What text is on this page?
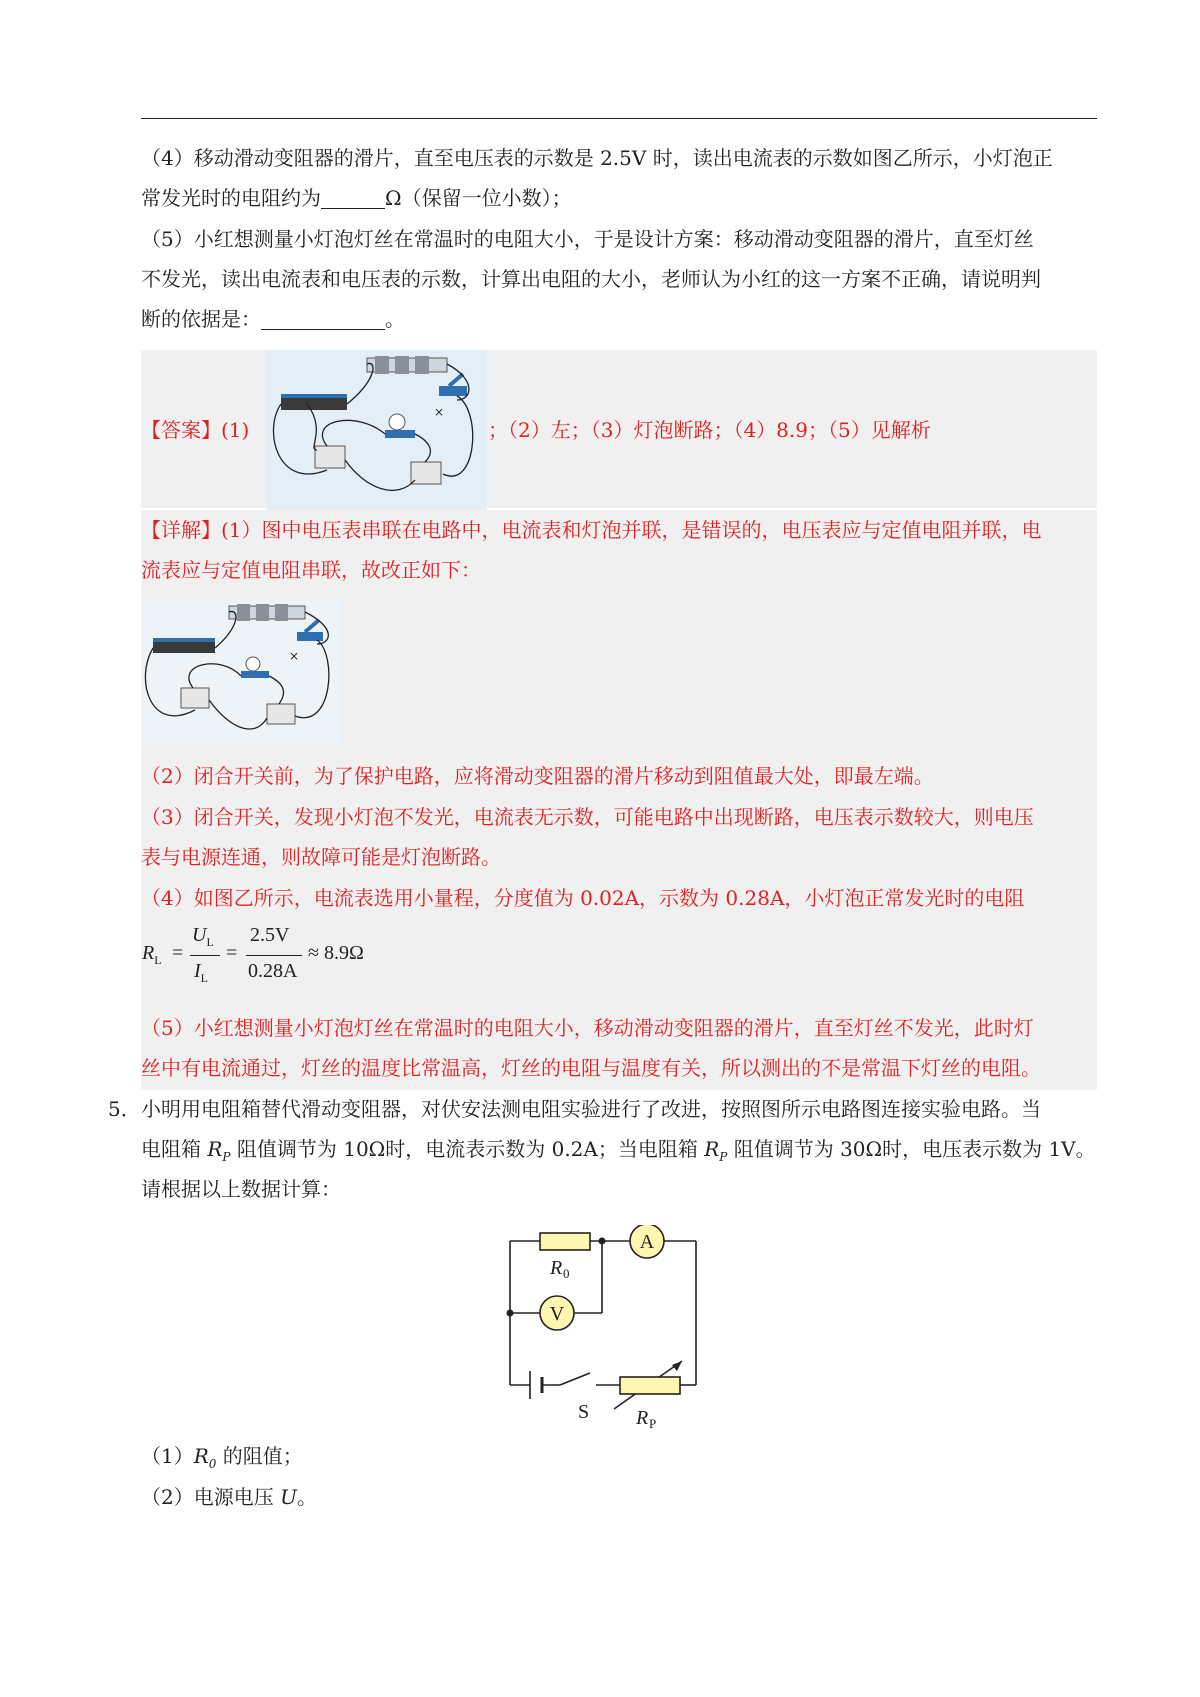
（4）移动滑动变阻器的滑片，直至电压表的示数是 2.5V 时，读出电流表的示数如图乙所示，小灯泡正

常发光时的电阻约为	Ω（保留一位小数）；

（5）小红想测量小灯泡灯丝在常温时的电阻大小，于是设计方案：移动滑动变阻器的滑片，直至灯丝

不发光，读出电流表和电压表的示数，计算出电阻的大小，老师认为小红的这一方案不正确，请说明判

断的依据是：	。

【答案】(1)	；（2）左；（3）灯泡断路；（4）8.9；（5）见解析

×

【详解】(1）图中电压表串联在电路中，电流表和灯泡并联，是错误的，电压表应与定值电阻并联，电

流表应与定值电阻串联，故改正如下：

×

（2）闭合开关前，为了保护电路，应将滑动变阻器的滑片移动到阻值最大处，即最左端。

（3）闭合开关，发现小灯泡不发光，电流表无示数，可能电路中出现断路，电压表示数较大，则电压

表与电源连通，则故障可能是灯泡断路。

（4）如图乙所示，电流表选用小量程，分度值为 0.02A，示数为 0.28A，小灯泡正常发光时的电阻

$R_L$ =
$U_L$
$I_L$
=
2.5V
0.28A
≈ 8.9Ω

（5）小红想测量小灯泡灯丝在常温时的电阻大小，移动滑动变阻器的滑片，直至灯丝不发光，此时灯

丝中有电流通过，灯丝的温度比常温高，灯丝的电阻与温度有关，所以测出的不是常温下灯丝的电阻。

5． 小明用电阻箱替代滑动变阻器，对伏安法测电阻实验进行了改进，按照图所示电路图连接实验电路。当

电阻箱 $R_P$ 阻值调节为 10Ω时，电流表示数为 0.2A；当电阻箱 $R_P$ 阻值调节为 30Ω时，电压表示数为 1V。

请根据以上数据计算：

A
V
R 0
S R P

$(1)R_0$ 的阻值；

（2）电源电压 U。
